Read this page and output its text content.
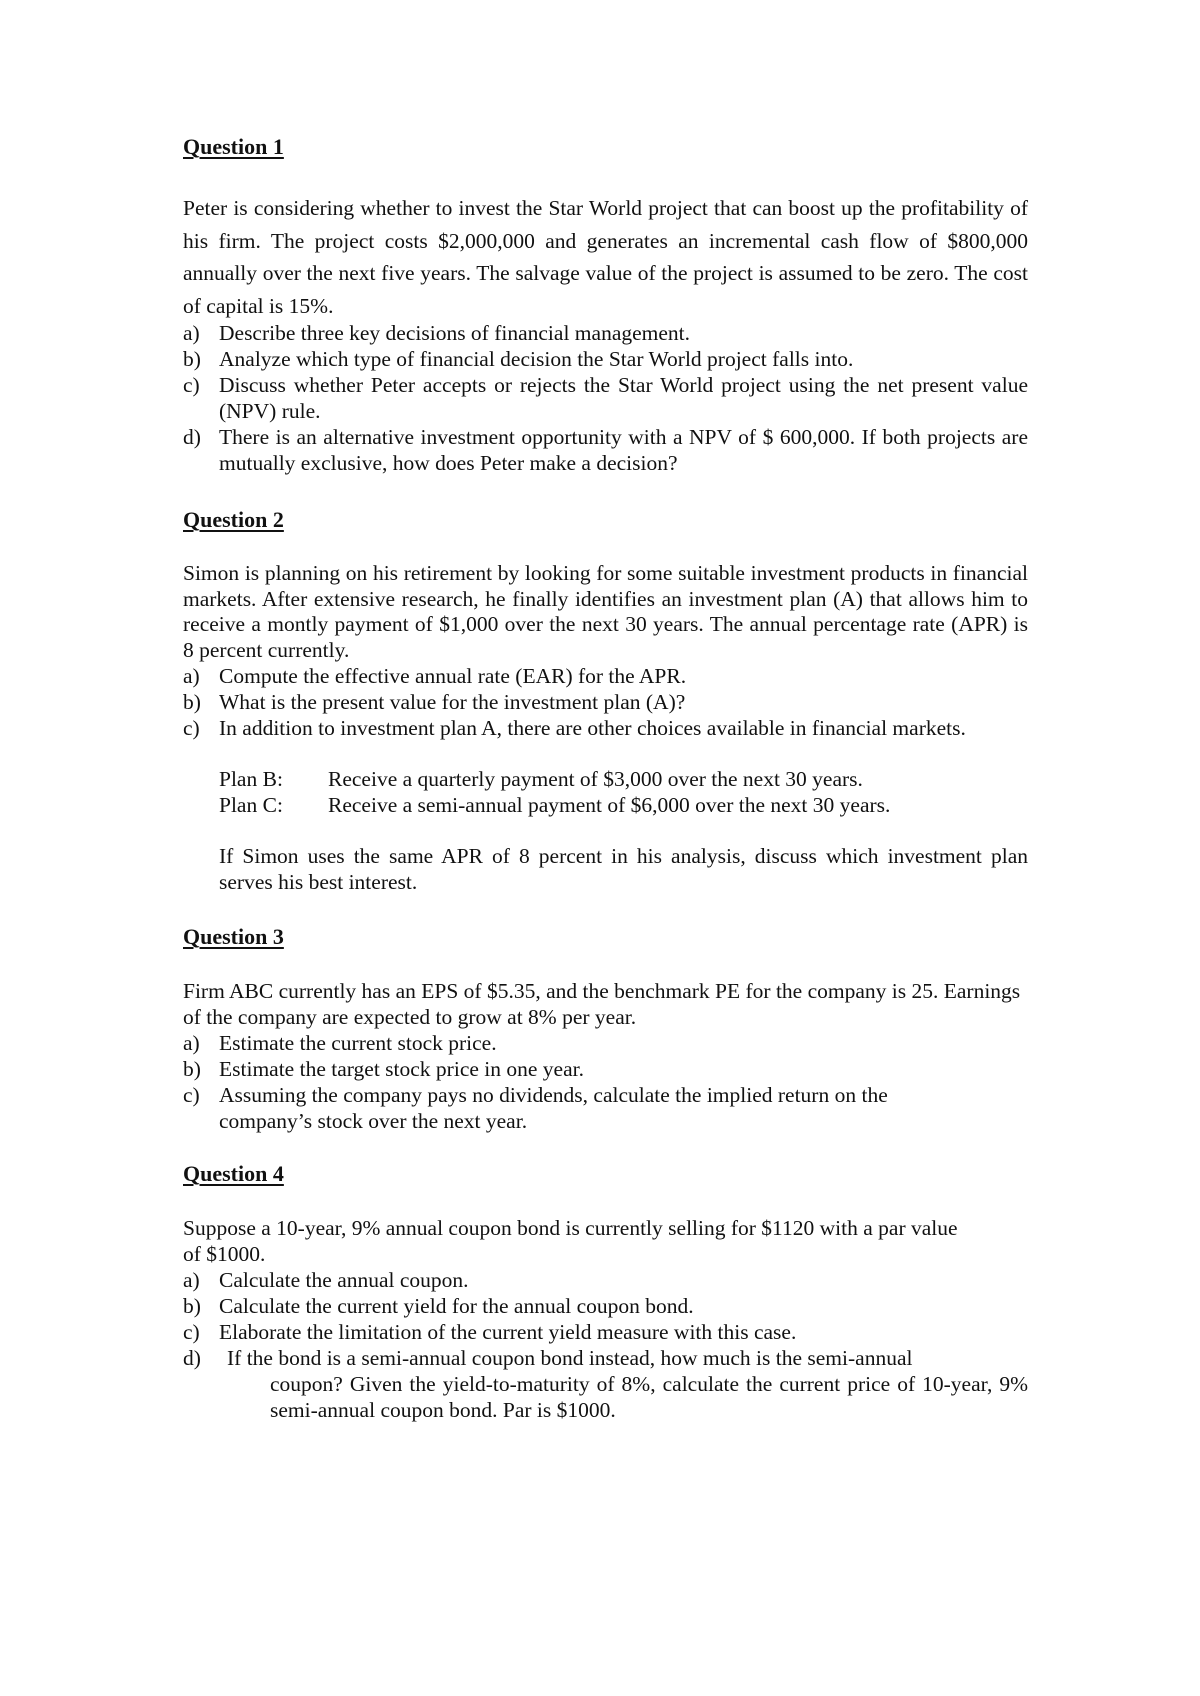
Question 1

Peter is considering whether to invest the Star World project that can boost up the profitability of his firm. The project costs $2,000,000 and generates an incremental cash flow of $800,000 annually over the next five years. The salvage value of the project is assumed to be zero. The cost of capital is 15%.

a) Describe three key decisions of financial management.
b) Analyze which type of financial decision the Star World project falls into.
c) Discuss whether Peter accepts or rejects the Star World project using the net present value (NPV) rule.
d) There is an alternative investment opportunity with a NPV of $ 600,000. If both projects are mutually exclusive, how does Peter make a decision?

Question 2

Simon is planning on his retirement by looking for some suitable investment products in financial markets. After extensive research, he finally identifies an investment plan (A) that allows him to receive a montly payment of $1,000 over the next 30 years. The annual percentage rate (APR) is 8 percent currently.

a) Compute the effective annual rate (EAR) for the APR.
b) What is the present value for the investment plan (A)?
c) In addition to investment plan A, there are other choices available in financial markets.
Plan B:	Receive a quarterly payment of $3,000 over the next 30 years.
Plan C:	Receive a semi-annual payment of $6,000 over the next 30 years.

If Simon uses the same APR of 8 percent in his analysis, discuss which investment plan serves his best interest.

Question 3

Firm ABC currently has an EPS of $5.35, and the benchmark PE for the company is 25. Earnings of the company are expected to grow at 8% per year.

a) Estimate the current stock price.
b) Estimate the target stock price in one year.
c) Assuming the company pays no dividends, calculate the implied return on the company’s stock over the next year.

Question 4

Suppose a 10-year, 9% annual coupon bond is currently selling for $1120 with a par value of $1000.

a) Calculate the annual coupon.
b) Calculate the current yield for the annual coupon bond.
c) Elaborate the limitation of the current yield measure with this case.
d)	If the bond is a semi-annual coupon bond instead, how much is the semi-annual
coupon? Given the yield-to-maturity of 8%, calculate the current price of 10-year, 9% semi-annual coupon bond. Par is $1000.
